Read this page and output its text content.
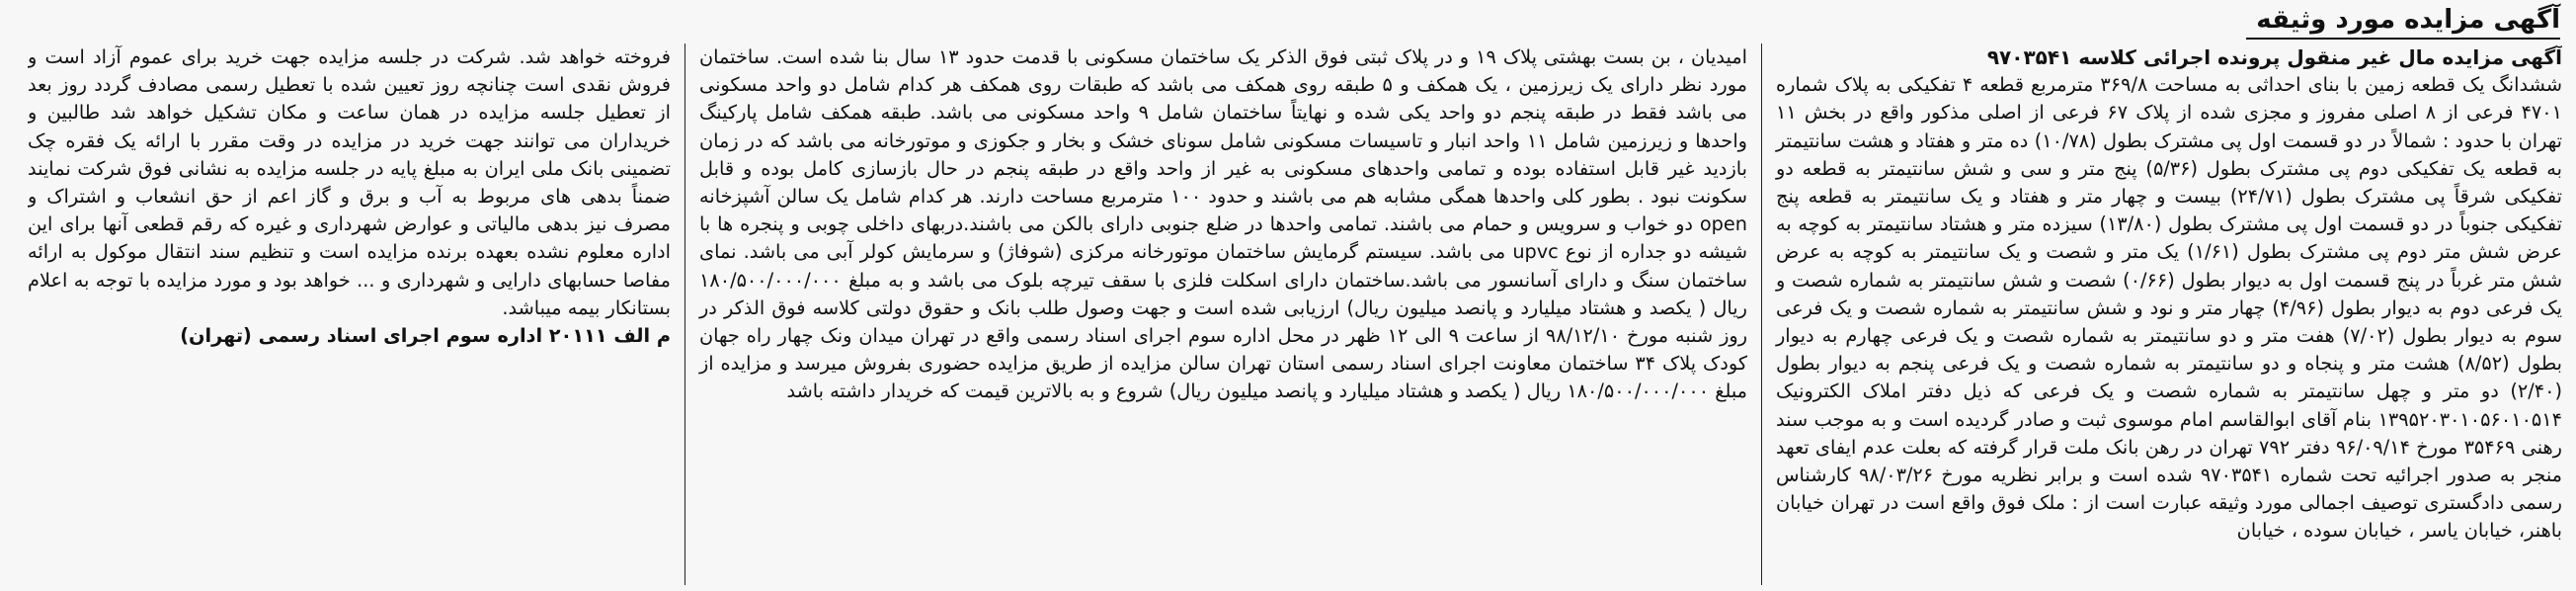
آگهی مزایده مورد وثیقه

آگهی مزایده مال غیر منقول پرونده اجرائی کلاسه ۹۷۰۳۵۴۱

ششدانگ یک قطعه زمین با بنای احداثی به مساحت ۳۶۹/۸ مترمربع قطعه ۴ تفکیکی به پلاک شماره ۴۷۰۱ فرعی از ۸ اصلی مفروز و مجزی شده از پلاک ۶۷ فرعی از اصلی مذکور واقع در بخش ۱۱ تهران با حدود : شمالاً در دو قسمت اول پی مشترک بطول (۱۰/۷۸) ده متر و هفتاد و هشت سانتیمتر به قطعه یک تفکیکی دوم پی مشترک بطول (۵/۳۶) پنج متر و سی و شش سانتیمتر به قطعه دو تفکیکی شرقاً پی مشترک بطول (۲۴/۷۱) بیست و چهار متر و هفتاد و یک سانتیمتر به قطعه پنج تفکیکی جنوباً در دو قسمت اول پی مشترک بطول (۱۳/۸۰) سیزده متر و هشتاد سانتیمتر به کوچه به عرض شش متر دوم پی مشترک بطول (۱/۶۱) یک متر و شصت و یک سانتیمتر به کوچه به عرض شش متر غرباً در پنج قسمت اول به دیوار بطول (۰/۶۶) شصت و شش سانتیمتر به شماره شصت و یک فرعی دوم به دیوار بطول (۴/۹۶) چهار متر و نود و شش سانتیمتر به شماره شصت و یک فرعی سوم به دیوار بطول (۷/۰۲) هفت متر و دو سانتیمتر به شماره شصت و یک فرعی چهارم به دیوار بطول (۸/۵۲) هشت متر و پنجاه و دو سانتیمتر به شماره شصت و یک فرعی پنجم به دیوار بطول (۲/۴۰) دو متر و چهل سانتیمتر به شماره شصت و یک فرعی که ذیل دفتر املاک الکترونیک ۱۳۹۵۲۰۳۰۱۰۵۶۰۱۰۵۱۴ بنام آقای ابوالقاسم امام موسوی ثبت و صادر گردیده است و به موجب سند رهنی ۳۵۴۶۹ مورخ ۹۶/۰۹/۱۴ دفتر ۷۹۲ تهران در رهن بانک ملت قرار گرفته که بعلت عدم ایفای تعهد منجر به صدور اجرائیه تحت شماره ۹۷۰۳۵۴۱ شده است و برابر نظریه مورخ ۹۸/۰۳/۲۶ کارشناس رسمی دادگستری توصیف اجمالی مورد وثیقه عبارت است از : ملک فوق واقع است در تهران خیابان باهنر، خیابان یاسر ، خیابان سوده ، خیابان

امیدیان ، بن بست بهشتی پلاک ۱۹ و در پلاک ثبتی فوق الذکر یک ساختمان مسکونی با قدمت حدود ۱۳ سال بنا شده است. ساختمان مورد نظر دارای یک زیرزمین ، یک همکف و ۵ طبقه روی همکف می باشد که طبقات روی همکف هر کدام شامل دو واحد مسکونی می باشد فقط در طبقه پنجم دو واحد یکی شده و نهایتاً ساختمان شامل ۹ واحد مسکونی می باشد. طبقه همکف شامل پارکینگ واحدها و زیرزمین شامل ۱۱ واحد انبار و تاسیسات مسکونی شامل سونای خشک و بخار و جکوزی و موتورخانه می باشد که در زمان بازدید غیر قابل استفاده بوده و تمامی واحدهای مسکونی به غیر از واحد واقع در طبقه پنجم در حال بازسازی کامل بوده و قابل سکونت نبود . بطور کلی واحدها همگی مشابه هم می باشند و حدود ۱۰۰ مترمربع مساحت دارند. هر کدام شامل یک سالن آشپزخانه open دو خواب و سرویس و حمام می باشند. تمامی واحدها در ضلع جنوبی دارای بالکن می باشند.دربهای داخلی چوبی و پنجره ها با شیشه دو جداره از نوع upvc می باشد. سیستم گرمایش ساختمان موتورخانه مرکزی (شوفاژ) و سرمایش کولر آبی می باشد. نمای ساختمان سنگ و دارای آسانسور می باشد.ساختمان دارای اسکلت فلزی با سقف تیرچه بلوک می باشد و به مبلغ ۱۸۰/۵۰۰/۰۰۰/۰۰۰ ریال ( یکصد و هشتاد میلیارد و پانصد میلیون ریال) ارزیابی شده است و جهت وصول طلب بانک و حقوق دولتی کلاسه فوق الذکر در روز شنبه مورخ ۹۸/۱۲/۱۰ از ساعت ۹ الی ۱۲ ظهر در محل اداره سوم اجرای اسناد رسمی واقع در تهران میدان ونک چهار راه جهان کودک پلاک ۳۴ ساختمان معاونت اجرای اسناد رسمی استان تهران سالن مزایده از طریق مزایده حضوری بفروش میرسد و مزایده از مبلغ ۱۸۰/۵۰۰/۰۰۰/۰۰۰ ریال ( یکصد و هشتاد میلیارد و پانصد میلیون ریال) شروع و به بالاترین قیمت که خریدار داشته باشد

فروخته خواهد شد. شرکت در جلسه مزایده جهت خرید برای عموم آزاد است و فروش نقدی است چنانچه روز تعیین شده با تعطیل رسمی مصادف گردد روز بعد از تعطیل جلسه مزایده در همان ساعت و مکان تشکیل خواهد شد طالبین و خریداران می توانند جهت خرید در مزایده در وقت مقرر با ارائه یک فقره چک تضمینی بانک ملی ایران به مبلغ پایه در جلسه مزایده به نشانی فوق شرکت نمایند ضمناً بدهی های مربوط به آب و برق و گاز اعم از حق انشعاب و اشتراک و مصرف نیز بدهی مالیاتی و عوارض شهرداری و غیره که رقم قطعی آنها برای این اداره معلوم نشده بعهده برنده مزایده است و تنظیم سند انتقال موکول به ارائه مفاصا حسابهای دارایی و شهرداری و ... خواهد بود و مورد مزایده با توجه به اعلام بستانکار بیمه میباشد.

م الف ۲۰۱۱۱ اداره سوم اجرای اسناد رسمی (تهران)
